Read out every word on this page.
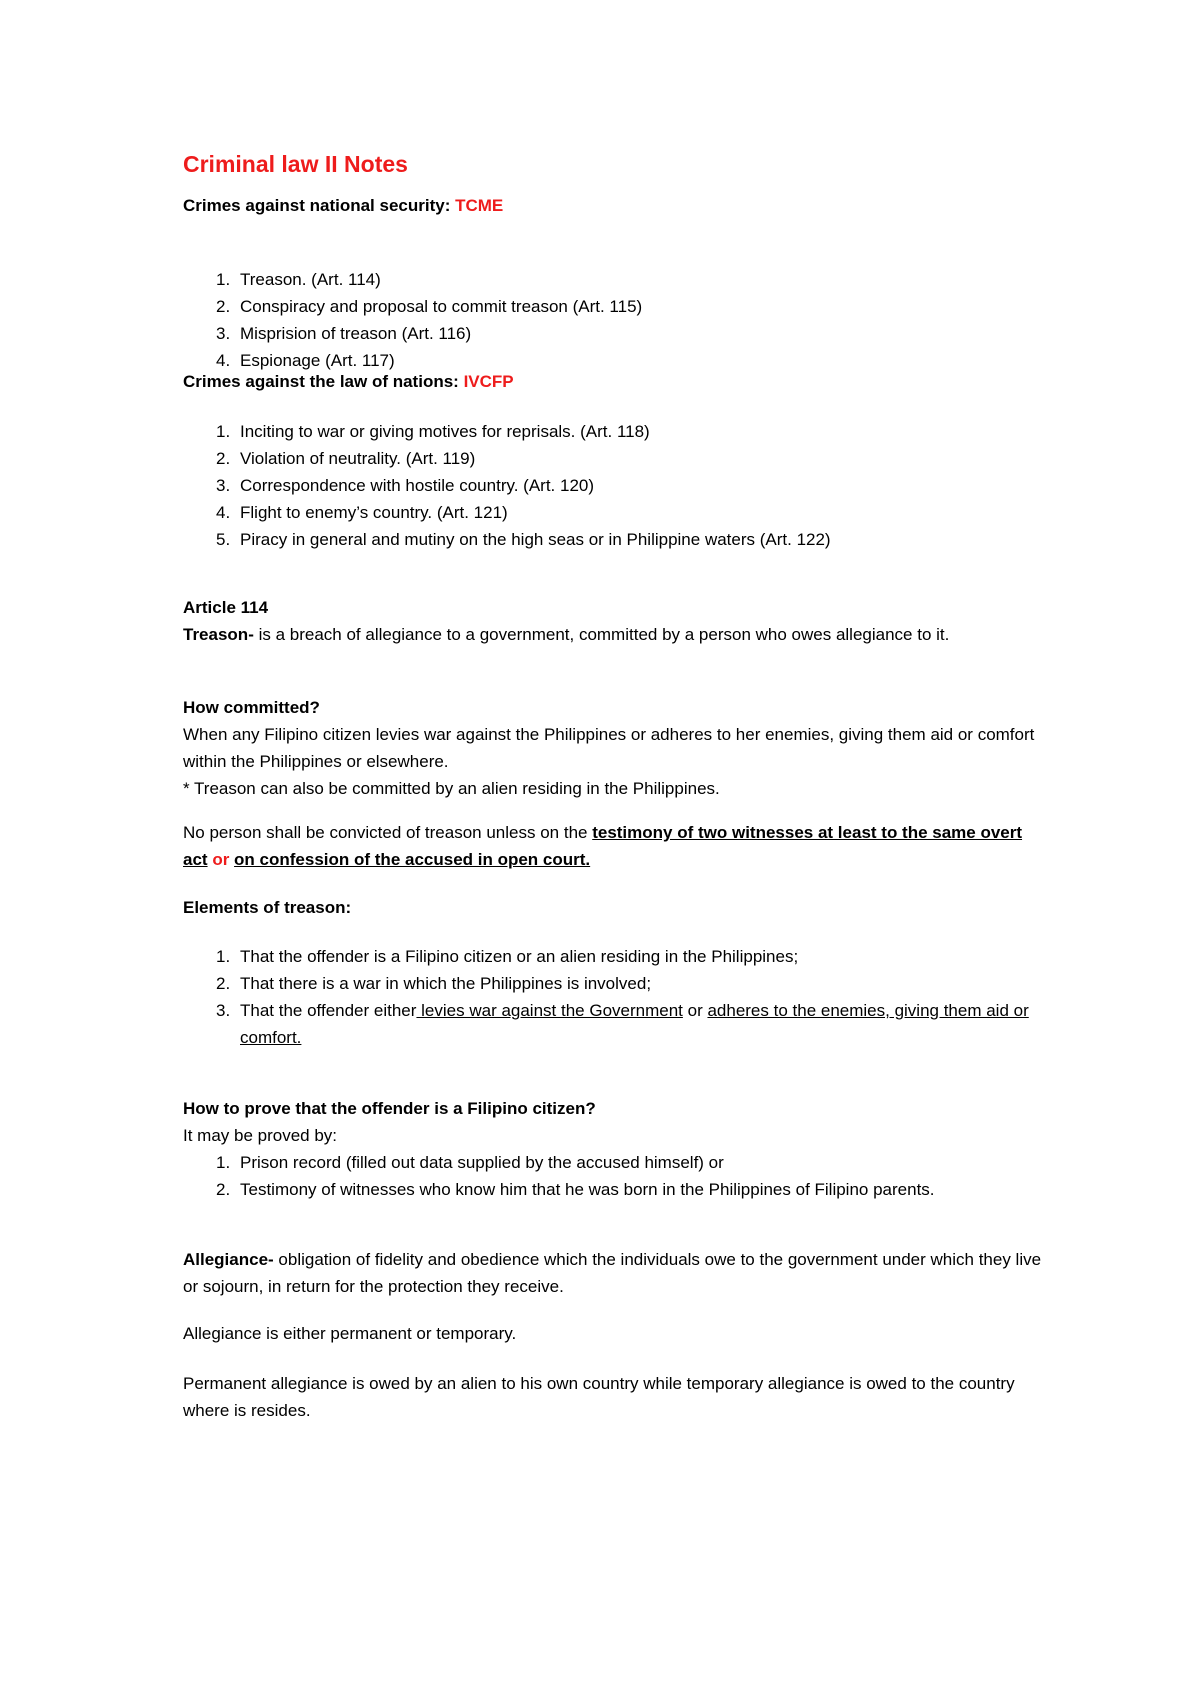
Criminal law II Notes
Crimes against national security: TCME
1. Treason. (Art. 114)
2. Conspiracy and proposal to commit treason (Art. 115)
3. Misprision of treason (Art. 116)
4. Espionage (Art. 117)
Crimes against the law of nations: IVCFP
1. Inciting to war or giving motives for reprisals. (Art. 118)
2. Violation of neutrality. (Art. 119)
3. Correspondence with hostile country. (Art. 120)
4. Flight to enemy’s country. (Art. 121)
5. Piracy in general and mutiny on the high seas or in Philippine waters (Art. 122)
Article 114

Treason- is a breach of allegiance to a government, committed by a person who owes allegiance to it.

How committed?

When any Filipino citizen levies war against the Philippines or adheres to her enemies, giving them aid or comfort within the Philippines or elsewhere.

* Treason can also be committed by an alien residing in the Philippines.

No person shall be convicted of treason unless on the testimony of two witnesses at least to the same overt act or on confession of the accused in open court.

Elements of treason:
1. That the offender is a Filipino citizen or an alien residing in the Philippines;
2. That there is a war in which the Philippines is involved;
3. That the offender either levies war against the Government or adheres to the enemies, giving them aid or comfort.
How to prove that the offender is a Filipino citizen?

It may be proved by:

1. Prison record (filled out data supplied by the accused himself) or
2. Testimony of witnesses who know him that he was born in the Philippines of Filipino parents.

Allegiance- obligation of fidelity and obedience which the individuals owe to the government under which they live or sojourn, in return for the protection they receive.

Allegiance is either permanent or temporary.

Permanent allegiance is owed by an alien to his own country while temporary allegiance is owed to the country where is resides.
